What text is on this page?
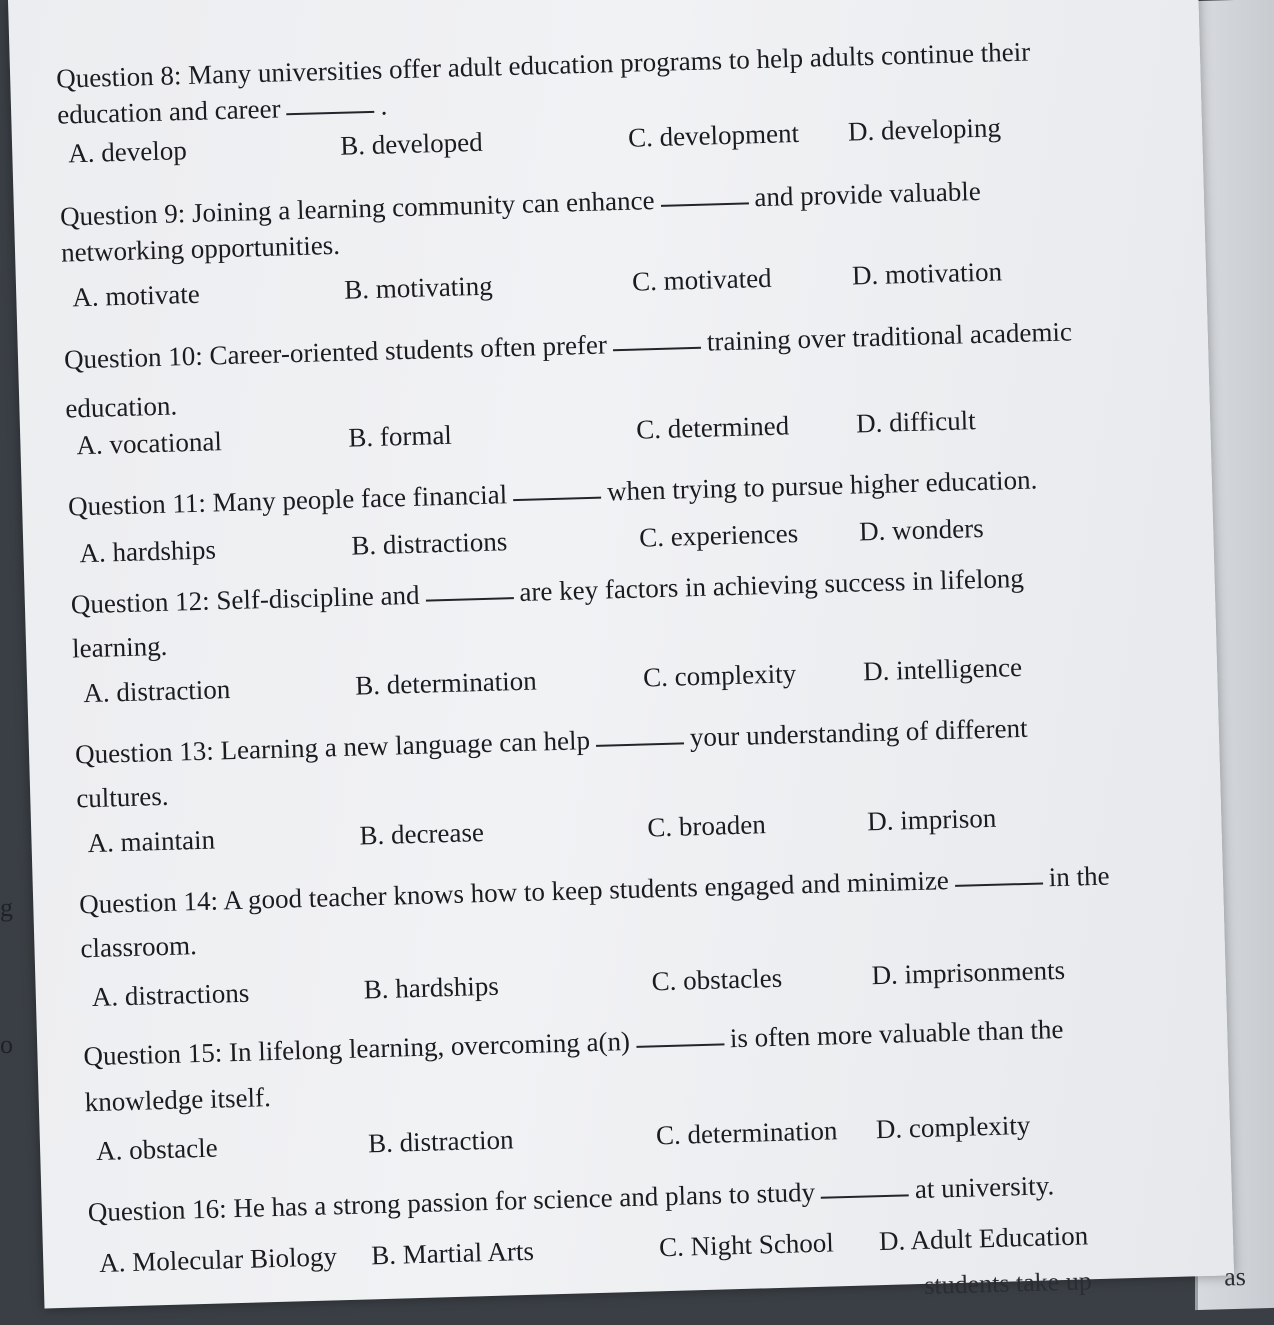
Question 8: Many universities offer adult education programs to help adults continue their
education and career	.
A. develop	B. developed	C. development D. developing
Question 9: Joining a learning community can enhance	and provide valuable
networking opportunities.
A. motivate	B. motivating	C. motivated	D. motivation
Question 10: Career-oriented students often prefer	training over traditional academic
education.
A. vocational	B. formal	C. determined D. difficult
Question 11: Many people face financial	when trying to pursue higher education.
A. hardships	B. distractions	C. experiences D. wonders
Question 12: Self-discipline and	are key factors in achieving success in lifelong
learning.
A. distraction	B. determination	C. complexity D. intelligence
Question 13: Learning a new language can help	your understanding of different
cultures.
A. maintain	B. decrease	C. broaden	D. imprison
Question 14: A good teacher knows how to keep students engaged and minimize	in the
classroom.
A. distractions	B. hardships	C. obstacles	D. imprisonments
Question 15: In lifelong learning, overcoming a(n)	is often more valuable than the
knowledge itself.
A. obstacle	B. distraction	C. determination D. complexity
Question 16: He has a strong passion for science and plans to study	at university.
A. Molecular Biology B. Martial Arts	C. Night School D. Adult Education
students take up	as
g
o
